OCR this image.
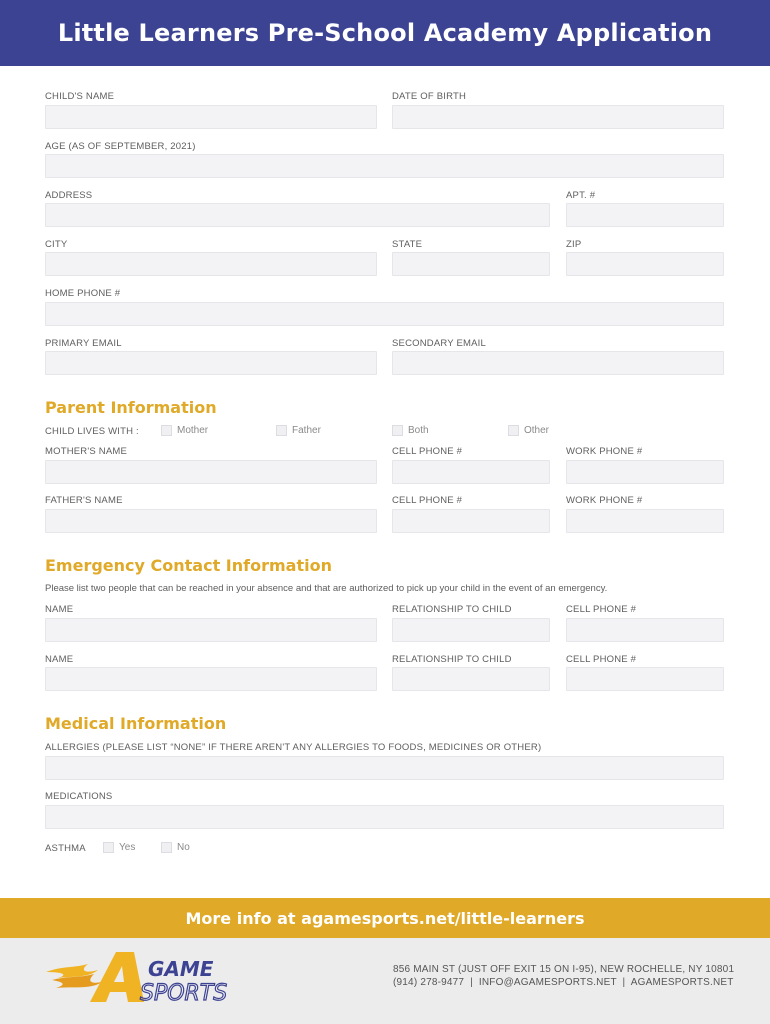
Little Learners Pre-School Academy Application
CHILD'S NAME	DATE OF BIRTH
AGE (AS OF SEPTEMBER, 2021)
ADDRESS	APT. #
CITY	STATE	ZIP
HOME PHONE #
PRIMARY EMAIL	SECONDARY EMAIL
Parent Information
CHILD LIVES WITH :	Mother	Father	Both	Other
MOTHER'S NAME	CELL PHONE #	WORK PHONE #
FATHER'S NAME	CELL PHONE #	WORK PHONE #
Emergency Contact Information
Please list two people that can be reached in your absence and that are authorized to pick up your child in the event of an emergency.
NAME	RELATIONSHIP TO CHILD	CELL PHONE #
NAME	RELATIONSHIP TO CHILD	CELL PHONE #
Medical Information
ALLERGIES (PLEASE LIST “NONE” IF THERE AREN'T ANY ALLERGIES TO FOODS, MEDICINES OR OTHER)
MEDICATIONS
ASTHMA	Yes	No
More info at agamesports.net/little-learners
GAME
SPORTS
856 MAIN ST (JUST OFF EXIT 15 ON I-95), NEW ROCHELLE, NY 10801
(914) 278-9477  |  INFO@AGAMESPORTS.NET  |  AGAMESPORTS.NET
